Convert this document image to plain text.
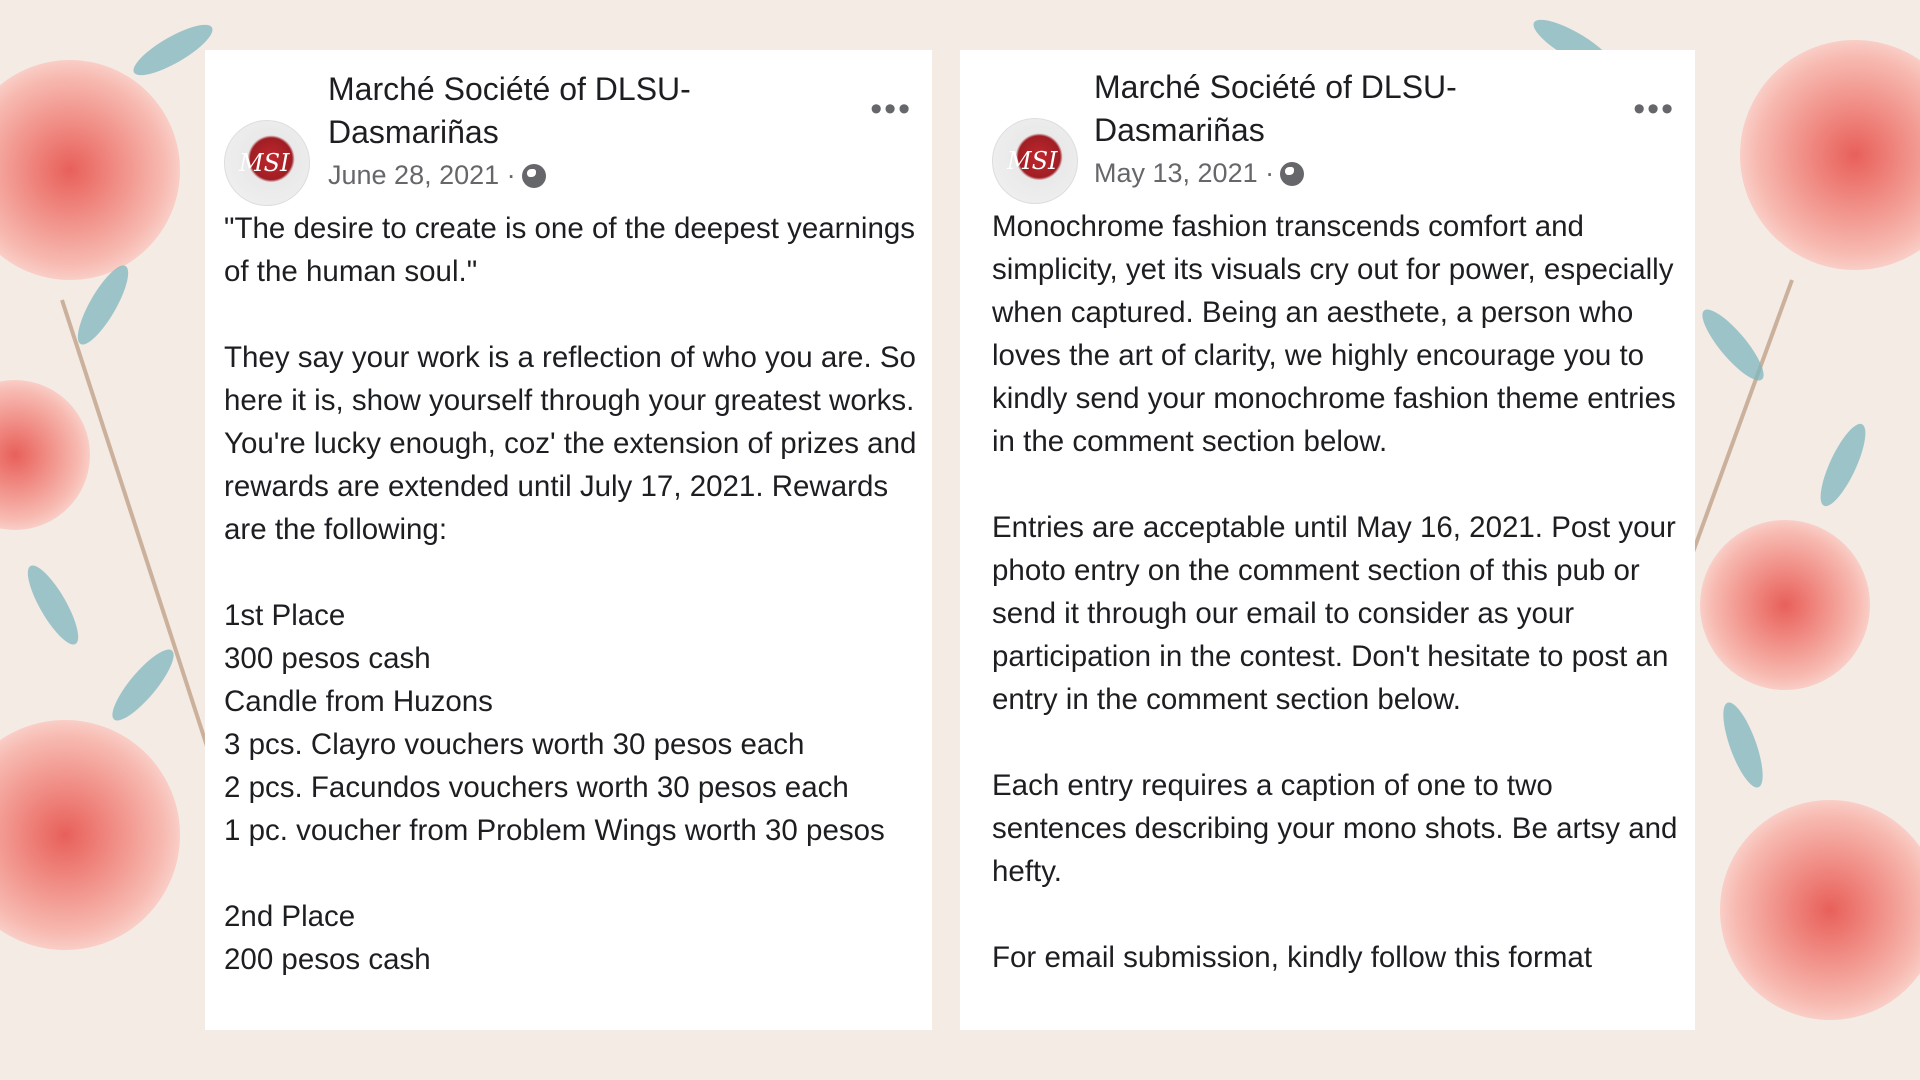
MSI
Marché Société of DLSU-Dasmariñas
June 28, 2021 ·
•••

"The desire to create is one of the deepest yearnings of the human soul."

They say your work is a reflection of who you are. So here it is, show yourself through your greatest works. You're lucky enough, coz' the extension of prizes and rewards are extended until July 17, 2021. Rewards are the following:

1st Place

300 pesos cash

Candle from Huzons

3 pcs. Clayro vouchers worth 30 pesos each

2 pcs. Facundos vouchers worth 30 pesos each

1 pc. voucher from Problem Wings worth 30 pesos

2nd Place

200 pesos cash

MSI
Marché Société of DLSU-Dasmariñas
May 13, 2021 ·
•••

Monochrome fashion transcends comfort and simplicity, yet its visuals cry out for power, especially when captured. Being an aesthete, a person who loves the art of clarity, we highly encourage you to kindly send your monochrome fashion theme entries in the comment section below.

Entries are acceptable until May 16, 2021. Post your photo entry on the comment section of this pub or send it through our email to consider as your participation in the contest. Don't hesitate to post an entry in the comment section below.

Each entry requires a caption of one to two sentences describing your mono shots. Be artsy and hefty.

For email submission, kindly follow this format
